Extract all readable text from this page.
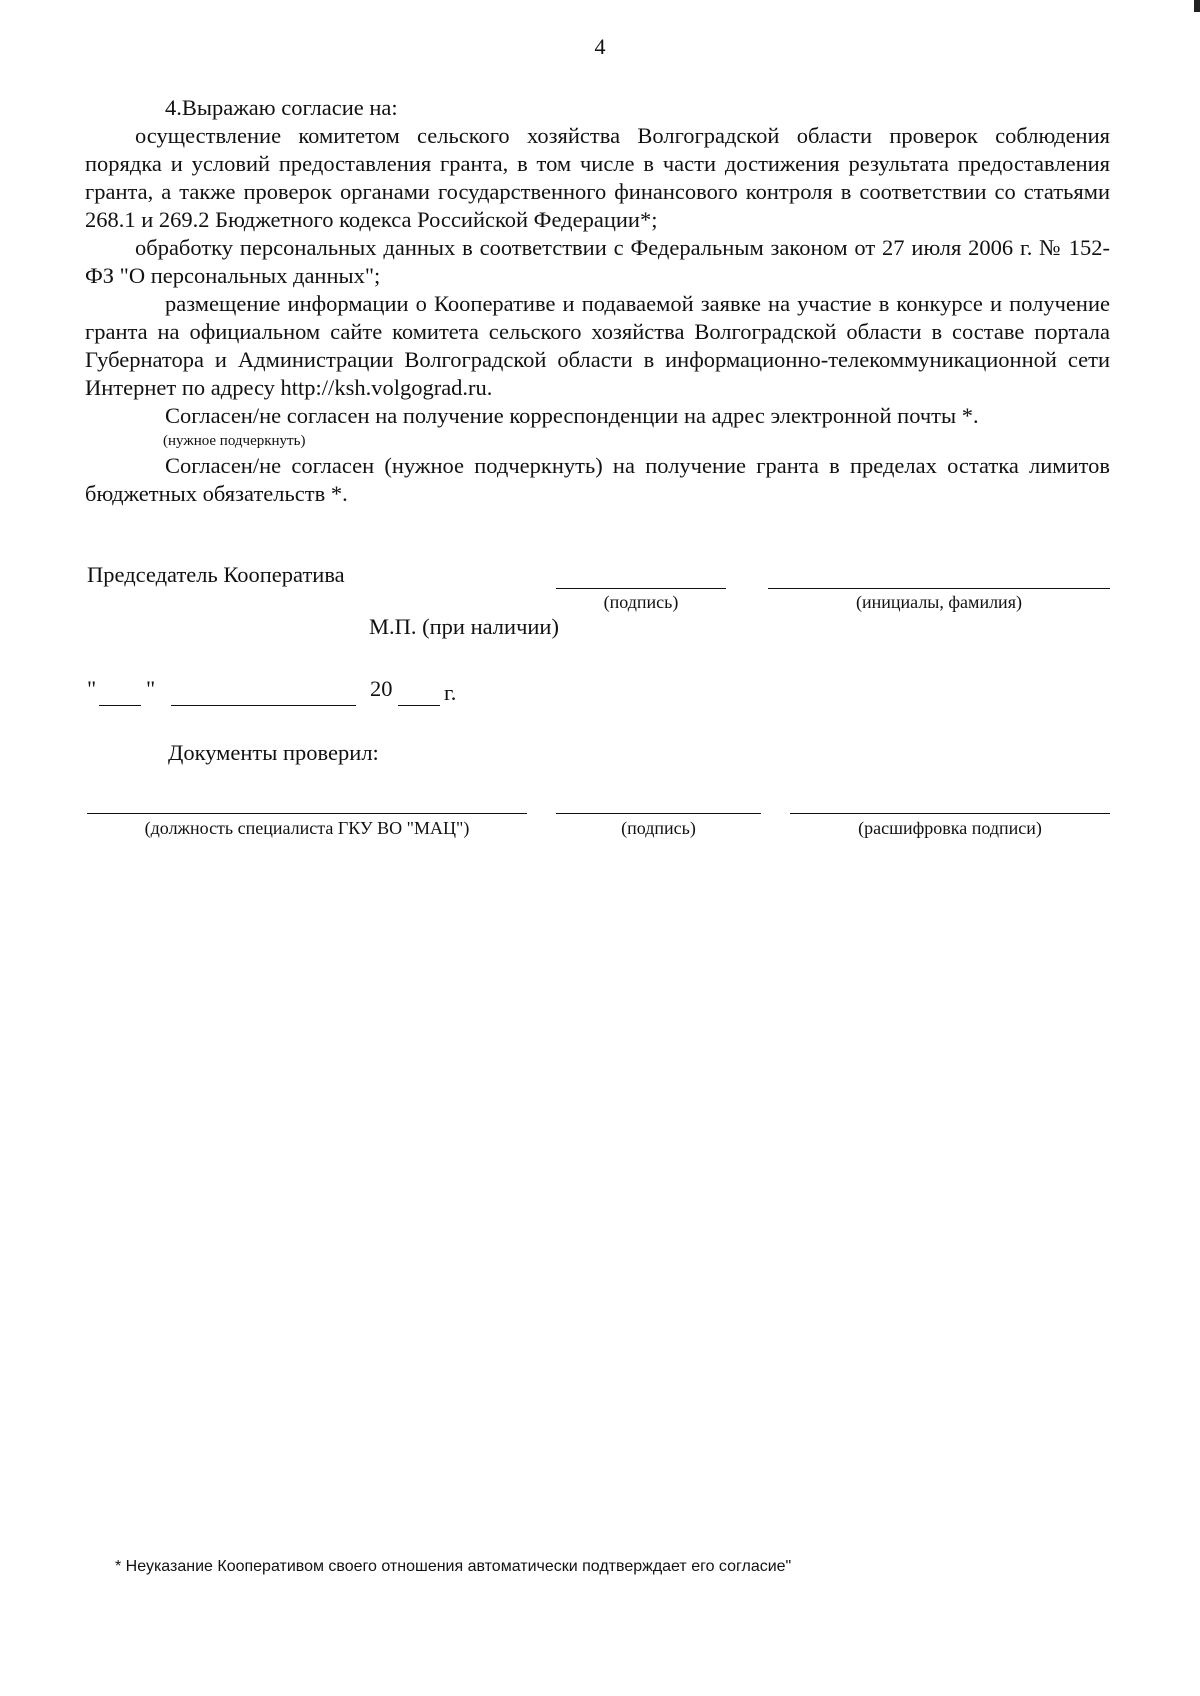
4

4.Выражаю согласие на:

осуществление комитетом сельского хозяйства Волгоградской области проверок соблюдения порядка и условий предоставления гранта, в том числе в части достижения результата предоставления гранта, а также проверок органами государственного финансового контроля в соответствии со статьями 268.1 и 269.2 Бюджетного кодекса Российской Федерации*;

обработку персональных данных в соответствии с Федеральным законом от 27 июля 2006 г. № 152-ФЗ "О персональных данных";

размещение информации о Кооперативе и подаваемой заявке на участие в конкурсе и получение гранта на официальном сайте комитета сельского хозяйства Волгоградской области в составе портала Губернатора и Администрации Волгоградской области в информационно-телекоммуникационной сети Интернет по адресу http://ksh.volgograd.ru.

Согласен/не согласен на получение корреспонденции на адрес электронной почты *.

(нужное подчеркнуть)

Согласен/не согласен (нужное подчеркнуть) на получение гранта в пределах остатка лимитов бюджетных обязательств *.

Председатель Кооператива
(подпись)	(инициалы, фамилия)
М.П. (при наличии)
" "	20 г.
Документы проверил:
(должность специалиста ГКУ ВО "МАЦ")	(подпись)	(расшифровка подписи)
* Неуказание Кооперативом своего отношения автоматически подтверждает его согласие"
